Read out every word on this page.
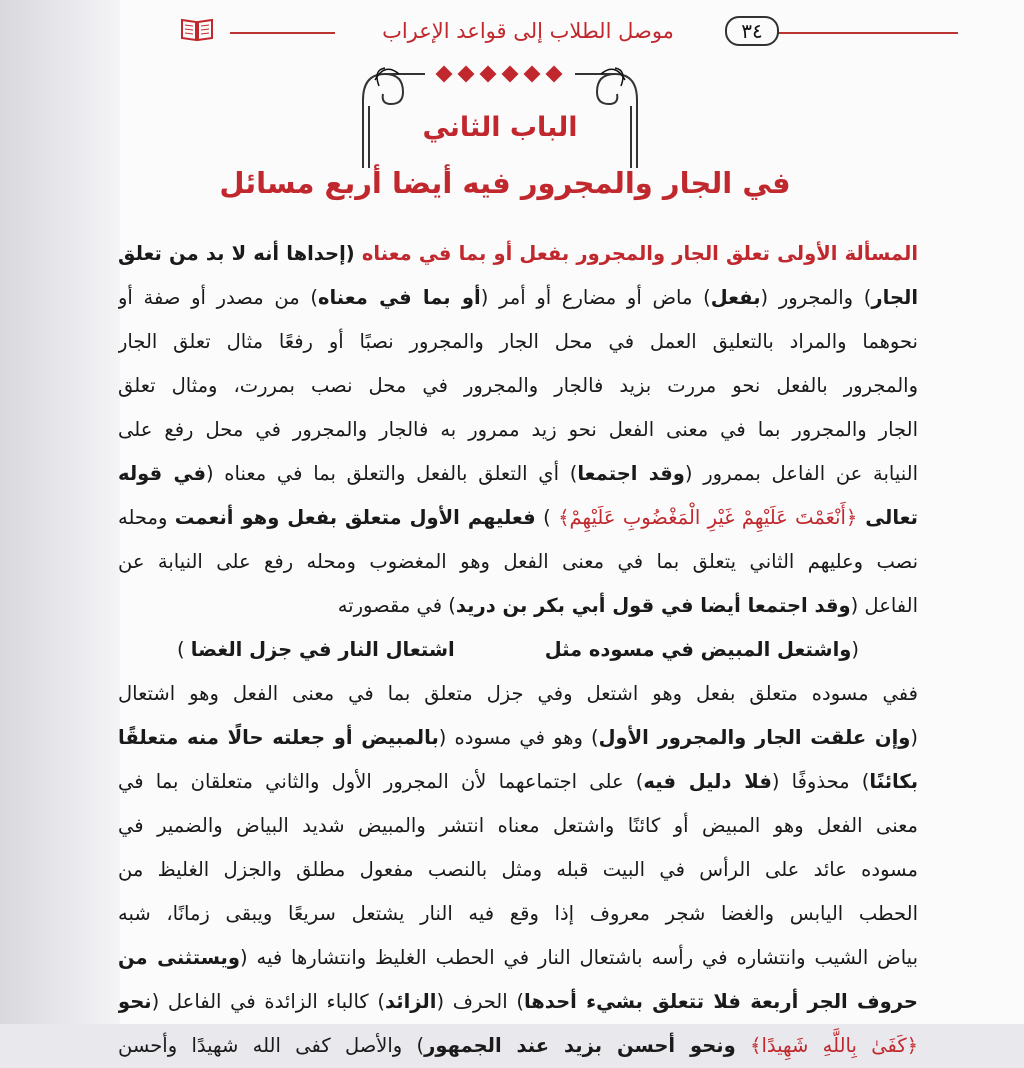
٣٤
موصل الطلاب إلى قواعد الإعراب
الباب الثاني
في الجار والمجرور فيه أيضا أربع مسائل
المسألة الأولى تعلق الجار والمجرور بفعل أو بما في معناه (إحداها أنه لا بد من تعلق
الجار) والمجرور (بفعل) ماض أو مضارع أو أمر (أو بما في معناه) من مصدر أو صفة أو
نحوهما والمراد بالتعليق العمل في محل الجار والمجرور نصبًا أو رفعًا مثال تعلق الجار
والمجرور بالفعل نحو مررت بزيد فالجار والمجرور في محل نصب بمررت، ومثال تعلق
الجار والمجرور بما في معنى الفعل نحو زيد ممرور به فالجار والمجرور في محل رفع على
النيابة عن الفاعل بممرور (وقد اجتمعا) أي التعلق بالفعل والتعلق بما في معناه (في قوله
تعالى ﴿أَنْعَمْتَ عَلَيْهِمْ غَيْرِ الْمَغْضُوبِ عَلَيْهِمْ﴾ ) فعليهم الأول متعلق بفعل وهو أنعمت ومحله
نصب وعليهم الثاني يتعلق بما في معنى الفعل وهو المغضوب ومحله رفع على النيابة عن
الفاعل (وقد اجتمعا أيضا في قول أبي بكر بن دريد) في مقصورته
(واشتعل المبيض في مسوده مثلاشتعال النار في جزل الغضا )
ففي مسوده متعلق بفعل وهو اشتعل وفي جزل متعلق بما في معنى الفعل وهو اشتعال
(وإن علقت الجار والمجرور الأول) وهو في مسوده (بالمبيض أو جعلته حالًا منه متعلقًا
بكائنًا) محذوفًا (فلا دليل فيه) على اجتماعهما لأن المجرور الأول والثاني متعلقان بما في
معنى الفعل وهو المبيض أو كائنًا واشتعل معناه انتشر والمبيض شديد البياض والضمير في
مسوده عائد على الرأس في البيت قبله ومثل بالنصب مفعول مطلق والجزل الغليظ من
الحطب اليابس والغضا شجر معروف إذا وقع فيه النار يشتعل سريعًا ويبقى زمانًا، شبه
بياض الشيب وانتشاره في رأسه باشتعال النار في الحطب الغليظ وانتشارها فيه (ويستثنى من
حروف الجر أربعة فلا تتعلق بشيء أحدها) الحرف (الزائد) كالباء الزائدة في الفاعل (نحو
﴿كَفَىٰ بِاللَّهِ شَهِيدًا﴾ ونحو أحسن بزيد عند الجمهور) والأصل كفى الله شهيدًا وأحسن
